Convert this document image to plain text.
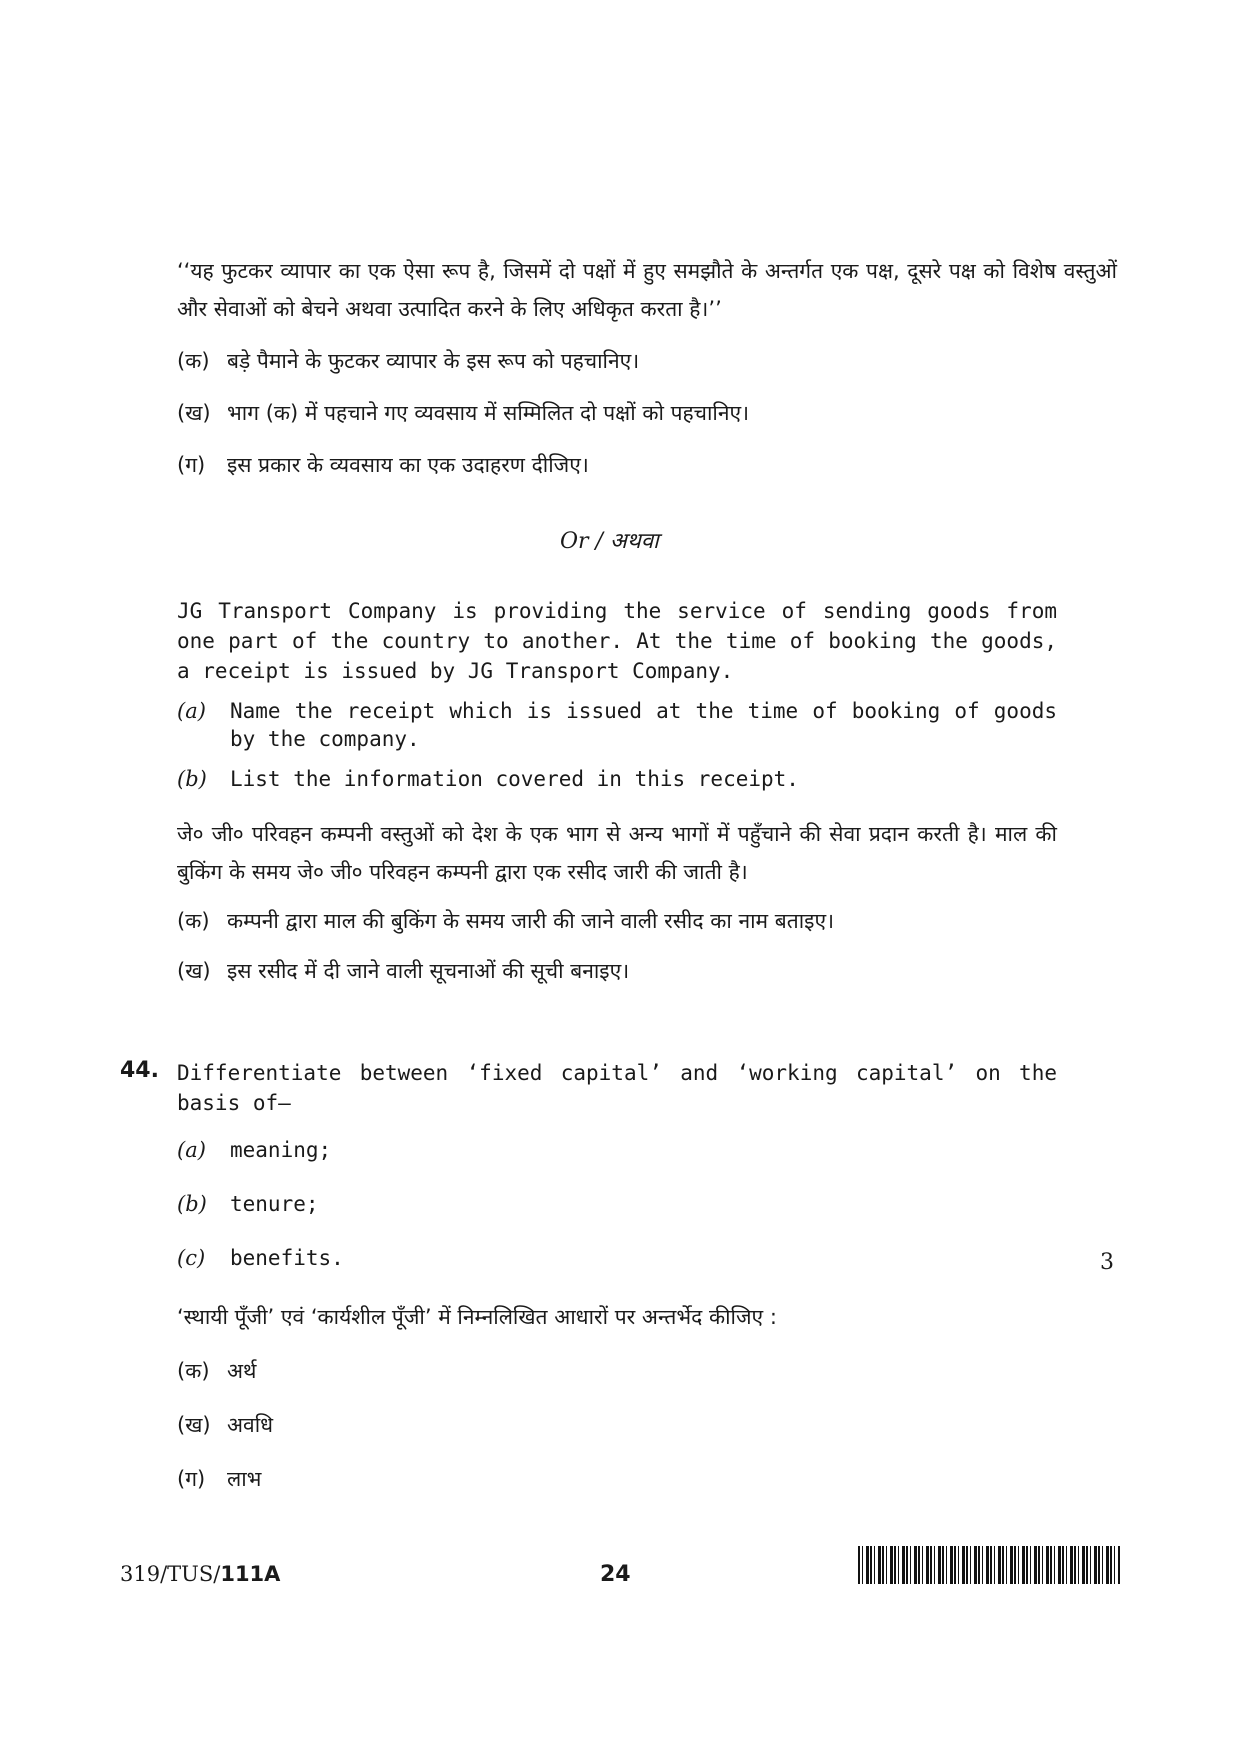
‘‘यह फुटकर व्यापार का एक ऐसा रूप है, जिसमें दो पक्षों में हुए समझौते के अन्तर्गत एक पक्ष, दूसरे पक्ष को विशेष वस्तुओं और सेवाओं को बेचने अथवा उत्पादित करने के लिए अधिकृत करता है।’’
(क) बड़े पैमाने के फुटकर व्यापार के इस रूप को पहचानिए।
(ख) भाग (क) में पहचाने गए व्यवसाय में सम्मिलित दो पक्षों को पहचानिए।
(ग) इस प्रकार के व्यवसाय का एक उदाहरण दीजिए।
Or / अथवा
JG Transport Company is providing the service of sending goods from one part of the country to another. At the time of booking the goods, a receipt is issued by JG Transport Company.
(a) Name the receipt which is issued at the time of booking of goods by the company.
(b) List the information covered in this receipt.
जे० जी० परिवहन कम्पनी वस्तुओं को देश के एक भाग से अन्य भागों में पहुँचाने की सेवा प्रदान करती है। माल की बुकिंग के समय जे० जी० परिवहन कम्पनी द्वारा एक रसीद जारी की जाती है।
(क) कम्पनी द्वारा माल की बुकिंग के समय जारी की जाने वाली रसीद का नाम बताइए।
(ख) इस रसीद में दी जाने वाली सूचनाओं की सूची बनाइए।
44. Differentiate between ‘fixed capital’ and ‘working capital’ on the basis of—
(a) meaning;
(b) tenure;
(c) benefits.	3
‘स्थायी पूँजी’ एवं ‘कार्यशील पूँजी’ में निम्नलिखित आधारों पर अन्तर्भेद कीजिए :
(क) अर्थ
(ख) अवधि
(ग) लाभ
319/TUS/111A	24
